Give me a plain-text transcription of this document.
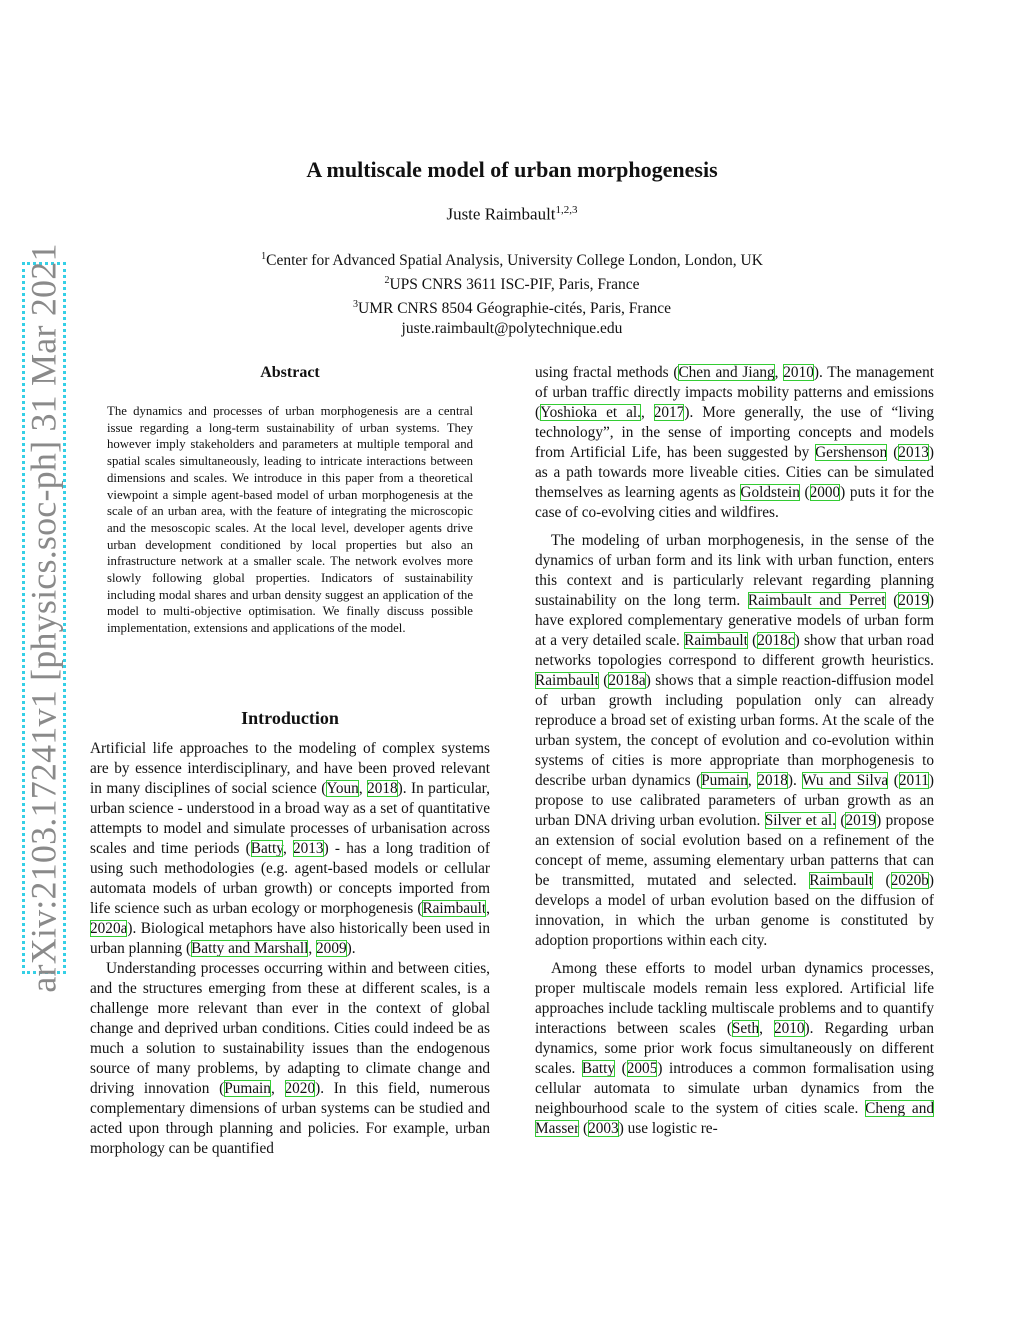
arXiv:2103.17241v1 [physics.soc-ph] 31 Mar 2021
A multiscale model of urban morphogenesis
Juste Raimbault$^{1,2,3}$
$^1$Center for Advanced Spatial Analysis, University College London, London, UK
$^2$UPS CNRS 3611 ISC-PIF, Paris, France
$^3$UMR CNRS 8504 Géographie-cités, Paris, France
juste.raimbault@polytechnique.edu
Abstract
The dynamics and processes of urban morphogenesis are a central issue regarding a long-term sustainability of urban systems. They however imply stakeholders and parameters at multiple temporal and spatial scales simultaneously, leading to intricate interactions between dimensions and scales. We introduce in this paper from a theoretical viewpoint a simple agent-based model of urban morphogenesis at the scale of an urban area, with the feature of integrating the microscopic and the mesoscopic scales. At the local level, developer agents drive urban development conditioned by local properties but also an infrastructure network at a smaller scale. The network evolves more slowly following global properties. Indicators of sustainability including modal shares and urban density suggest an application of the model to multi-objective optimisation. We finally discuss possible implementation, extensions and applications of the model.
Introduction

Artificial life approaches to the modeling of complex systems are by essence interdisciplinary, and have been proved relevant in many disciplines of social science (Youn, 2018). In particular, urban science - understood in a broad way as a set of quantitative attempts to model and simulate processes of urbanisation across scales and time periods (Batty, 2013) - has a long tradition of using such methodologies (e.g. agent-based models or cellular automata models of urban growth) or concepts imported from life science such as urban ecology or morphogenesis (Raimbault, 2020a). Biological metaphors have also historically been used in urban planning (Batty and Marshall, 2009).

Understanding processes occurring within and between cities, and the structures emerging from these at different scales, is a challenge more relevant than ever in the context of global change and deprived urban conditions. Cities could indeed be as much a solution to sustainability issues than the endogenous source of many problems, by adapting to climate change and driving innovation (Pumain, 2020). In this field, numerous complementary dimensions of urban systems can be studied and acted upon through planning and policies. For example, urban morphology can be quantified

using fractal methods (Chen and Jiang, 2010). The management of urban traffic directly impacts mobility patterns and emissions (Yoshioka et al., 2017). More generally, the use of “living technology”, in the sense of importing concepts and models from Artificial Life, has been suggested by Gershenson (2013) as a path towards more liveable cities. Cities can be simulated themselves as learning agents as Goldstein (2000) puts it for the case of co-evolving cities and wildfires.

The modeling of urban morphogenesis, in the sense of the dynamics of urban form and its link with urban function, enters this context and is particularly relevant regarding planning sustainability on the long term. Raimbault and Perret (2019) have explored complementary generative models of urban form at a very detailed scale. Raimbault (2018c) show that urban road networks topologies correspond to different growth heuristics. Raimbault (2018a) shows that a simple reaction-diffusion model of urban growth including population only can already reproduce a broad set of existing urban forms. At the scale of the urban system, the concept of evolution and co-evolution within systems of cities is more appropriate than morphogenesis to describe urban dynamics (Pumain, 2018). Wu and Silva (2011) propose to use calibrated parameters of urban growth as an urban DNA driving urban evolution. Silver et al. (2019) propose an extension of social evolution based on a refinement of the concept of meme, assuming elementary urban patterns that can be transmitted, mutated and selected. Raimbault (2020b) develops a model of urban evolution based on the diffusion of innovation, in which the urban genome is constituted by adoption proportions within each city.

Among these efforts to model urban dynamics processes, proper multiscale models remain less explored. Artificial life approaches include tackling multiscale problems and to quantify interactions between scales (Seth, 2010). Regarding urban dynamics, some prior work focus simultaneously on different scales. Batty (2005) introduces a common formalisation using cellular automata to simulate urban dynamics from the neighbourhood scale to the system of cities scale. Cheng and Masser (2003) use logistic re-
